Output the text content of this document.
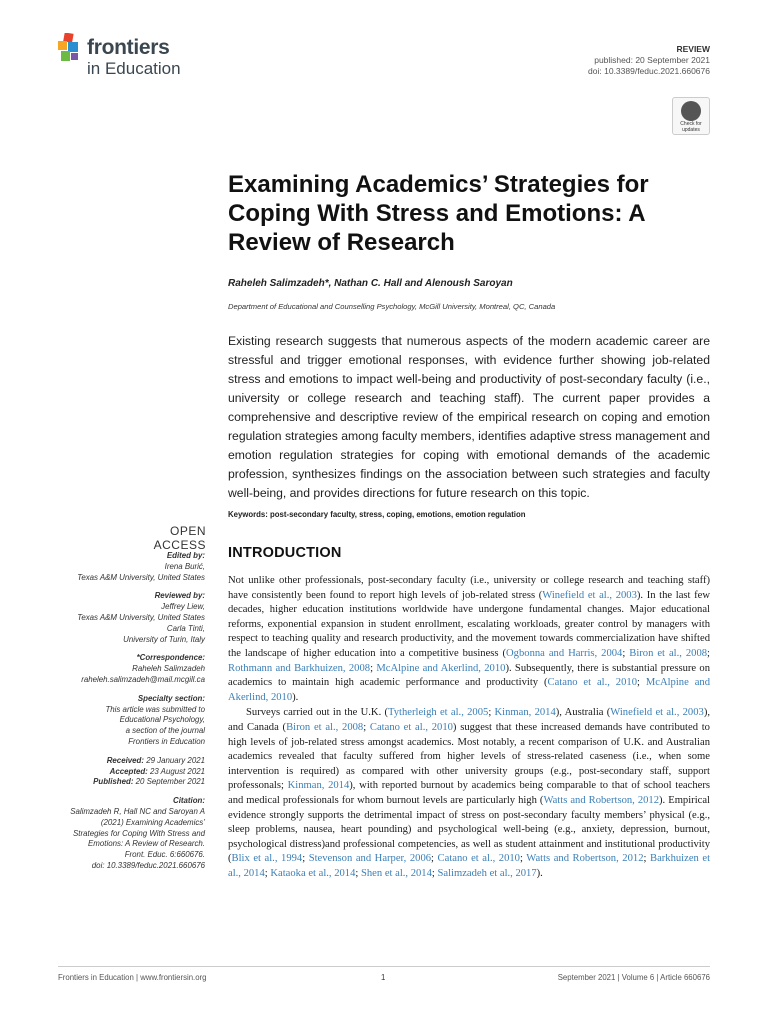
frontiers
in Education
REVIEW
published: 20 September 2021
doi: 10.3389/feduc.2021.660676
Check for updates
Examining Academics’ Strategies for Coping With Stress and Emotions: A Review of Research
Raheleh Salimzadeh*, Nathan C. Hall and Alenoush Saroyan
Department of Educational and Counselling Psychology, McGill University, Montreal, QC, Canada
Existing research suggests that numerous aspects of the modern academic career are stressful and trigger emotional responses, with evidence further showing job-related stress and emotions to impact well-being and productivity of post-secondary faculty (i.e., university or college research and teaching staff). The current paper provides a comprehensive and descriptive review of the empirical research on coping and emotion regulation strategies among faculty members, identifies adaptive stress management and emotion regulation strategies for coping with emotional demands of the academic profession, synthesizes findings on the association between such strategies and faculty well-being, and provides directions for future research on this topic.
Keywords: post-secondary faculty, stress, coping, emotions, emotion regulation
OPEN ACCESS
Edited by:
Irena Burić,
Texas A&M University, United States
Reviewed by:
Jeffrey Liew,
Texas A&M University, United States
Carla Tinti,
University of Turin, Italy
*Correspondence:
Raheleh Salimzadeh
raheleh.salimzadeh@mail.mcgill.ca
Specialty section:
This article was submitted to
Educational Psychology,
a section of the journal
Frontiers in Education
Received: 29 January 2021
Accepted: 23 August 2021
Published: 20 September 2021
Citation:
Salimzadeh R, Hall NC and Saroyan A
(2021) Examining Academics’
Strategies for Coping With Stress and
Emotions: A Review of Research.
Front. Educ. 6:660676.
doi: 10.3389/feduc.2021.660676
INTRODUCTION

Not unlike other professionals, post-secondary faculty (i.e., university or college research and teaching staff) have consistently been found to report high levels of job-related stress (Winefield et al., 2003). In the last few decades, higher education institutions worldwide have undergone fundamental changes. Major educational reforms, exponential expansion in student enrollment, escalating workloads, greater control by managers with respect to teaching quality and research productivity, and the movement towards commercialization have shifted the landscape of higher education into a competitive business (Ogbonna and Harris, 2004; Biron et al., 2008; Rothmann and Barkhuizen, 2008; McAlpine and Akerlind, 2010). Subsequently, there is substantial pressure on academics to maintain high academic performance and productivity (Catano et al., 2010; McAlpine and Akerlind, 2010).

Surveys carried out in the U.K. (Tytherleigh et al., 2005; Kinman, 2014), Australia (Winefield et al., 2003), and Canada (Biron et al., 2008; Catano et al., 2010) suggest that these increased demands have contributed to high levels of job-related stress amongst academics. Most notably, a recent comparison of U.K. and Australian academics revealed that faculty suffered from higher levels of stress-related caseness (i.e., when some intervention is required) as compared with other university groups (e.g., post-secondary staff, support professonals; Kinman, 2014), with reported burnout by academics being comparable to that of school teachers and medical professionals for whom burnout levels are particularly high (Watts and Robertson, 2012). Empirical evidence strongly supports the detrimental impact of stress on post-secondary faculty members’ physical (e.g., sleep problems, nausea, heart pounding) and psychological well-being (e.g., anxiety, depression, burnout, psychological distress)and professional competencies, as well as student attainment and institutional productivity (Blix et al., 1994; Stevenson and Harper, 2006; Catano et al., 2010; Watts and Robertson, 2012; Barkhuizen et al., 2014; Kataoka et al., 2014; Shen et al., 2014; Salimzadeh et al., 2017).

Frontiers in Education | www.frontiersin.org	1	September 2021 | Volume 6 | Article 660676
